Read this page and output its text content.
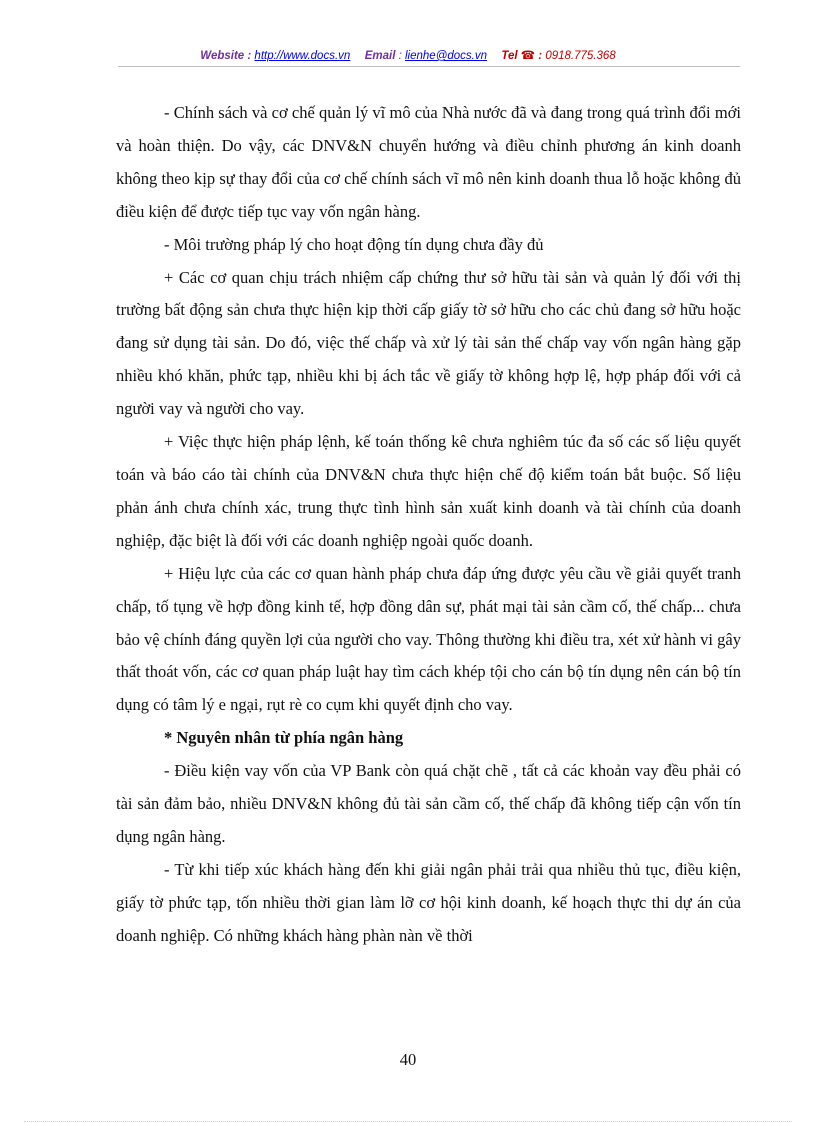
Website : http://www.docs.vn Email : lienhe@docs.vn Tel ☎ : 0918.775.368

- Chính sách và cơ chế quản lý vĩ mô của Nhà nước đã và đang trong quá trình đổi mới và hoàn thiện. Do vậy, các DNV&N chuyển hướng và điều chỉnh phương án kinh doanh không theo kịp sự thay đổi của cơ chế chính sách vĩ mô nên kinh doanh thua lỗ hoặc không đủ điều kiện để được tiếp tục vay vốn ngân hàng.

- Môi trường pháp lý cho hoạt động tín dụng chưa đầy đủ

+ Các cơ quan chịu trách nhiệm cấp chứng thư sở hữu tài sản và quản lý đối với thị trường bất động sản chưa thực hiện kịp thời cấp giấy tờ sở hữu cho các chủ đang sở hữu hoặc đang sử dụng tài sản. Do đó, việc thế chấp và xử lý tài sản thế chấp vay vốn ngân hàng gặp nhiều khó khăn, phức tạp, nhiều khi bị ách tắc về giấy tờ không hợp lệ, hợp pháp đối với cả người vay và người cho vay.

+ Việc thực hiện pháp lệnh, kế toán thống kê chưa nghiêm túc đa số các số liệu quyết toán và báo cáo tài chính của DNV&N chưa thực hiện chế độ kiểm toán bắt buộc. Số liệu phản ánh chưa chính xác, trung thực tình hình sản xuất kinh doanh và tài chính của doanh nghiệp, đặc biệt là đối với các doanh nghiệp ngoài quốc doanh.

+ Hiệu lực của các cơ quan hành pháp chưa đáp ứng được yêu cầu về giải quyết tranh chấp, tố tụng về hợp đồng kinh tế, hợp đồng dân sự, phát mại tài sản cầm cố, thế chấp... chưa bảo vệ chính đáng quyền lợi của người cho vay. Thông thường khi điều tra, xét xử hành vi gây thất thoát vốn, các cơ quan pháp luật hay tìm cách khép tội cho cán bộ tín dụng nên cán bộ tín dụng có tâm lý e ngại, rụt rè co cụm khi quyết định cho vay.

* Nguyên nhân từ phía ngân hàng

- Điều kiện vay vốn của VP Bank còn quá chặt chẽ , tất cả các khoản vay đều phải có tài sản đảm bảo, nhiều DNV&N không đủ tài sản cầm cố, thế chấp đã không tiếp cận vốn tín dụng ngân hàng.

- Từ khi tiếp xúc khách hàng đến khi giải ngân phải trải qua nhiều thủ tục, điều kiện, giấy tờ phức tạp, tốn nhiều thời gian làm lỡ cơ hội kinh doanh, kế hoạch thực thi dự án của doanh nghiệp. Có những khách hàng phàn nàn về thời

40
